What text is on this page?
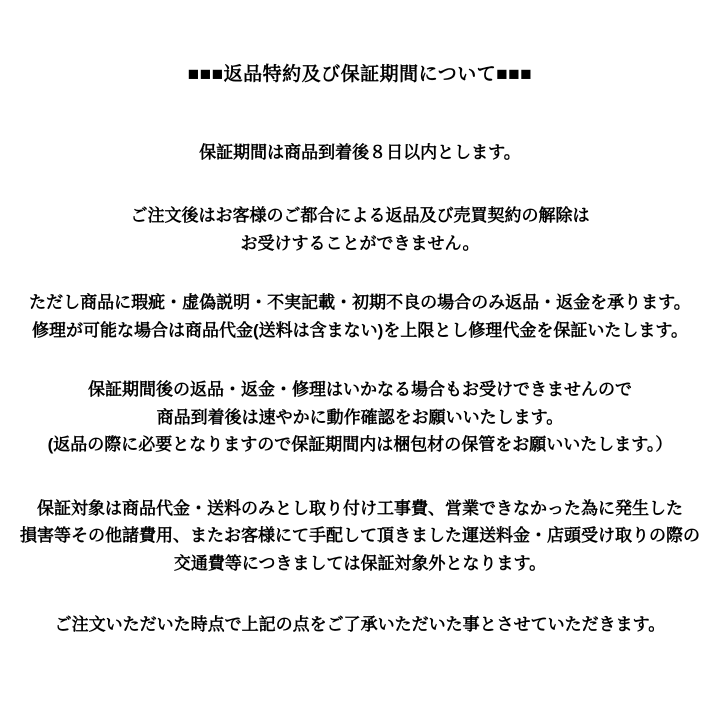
■■■返品特約及び保証期間について■■■
保証期間は商品到着後８日以内とします。
ご注文後はお客様のご都合による返品及び売買契約の解除は
お受けすることができません。
ただし商品に瑕疵・虚偽説明・不実記載・初期不良の場合のみ返品・返金を承ります。
修理が可能な場合は商品代金(送料は含まない)を上限とし修理代金を保証いたします。
保証期間後の返品・返金・修理はいかなる場合もお受けできませんので
商品到着後は速やかに動作確認をお願いいたします。
(返品の際に必要となりますので保証期間内は梱包材の保管をお願いいたします。）
保証対象は商品代金・送料のみとし取り付け工事費、営業できなかった為に発生した
損害等その他諸費用、またお客様にて手配して頂きました運送料金・店頭受け取りの際の
交通費等につきましては保証対象外となります。
ご注文いただいた時点で上記の点をご了承いただいた事とさせていただきます。
